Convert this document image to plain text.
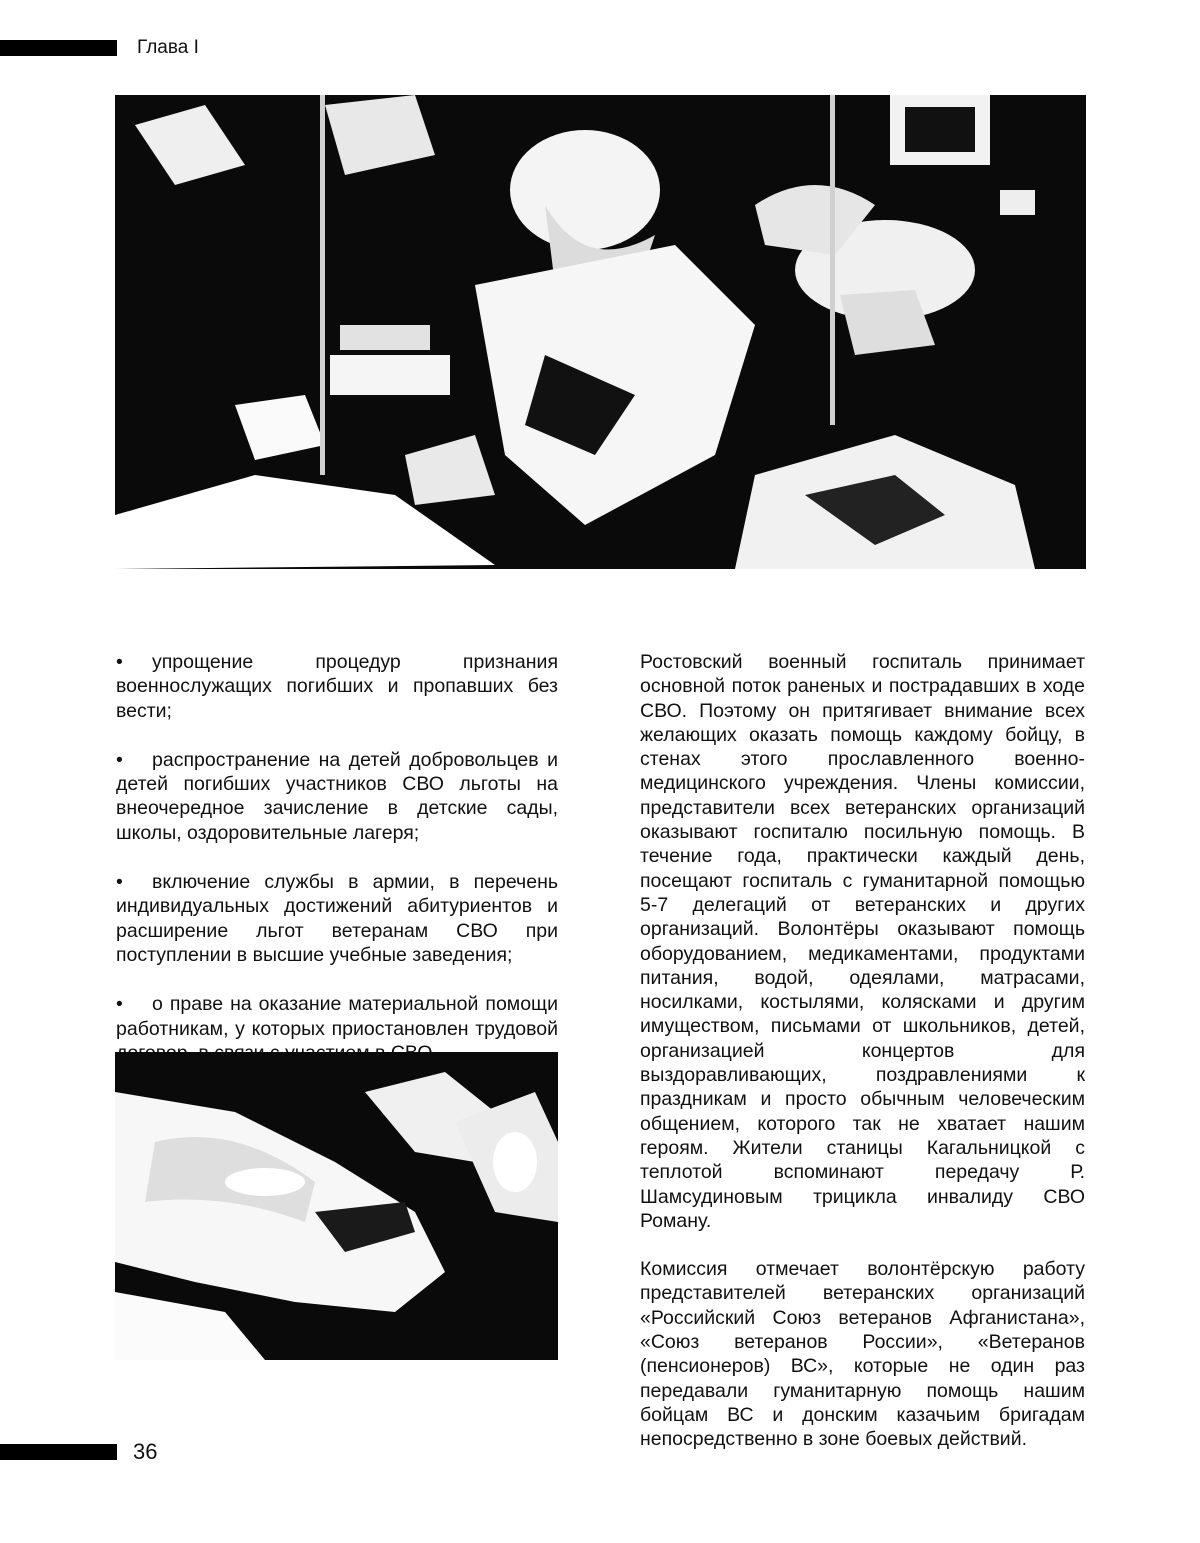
Глава I

• упрощение процедур признания военнослужащих погибших и пропавших без вести;

• распространение на детей добровольцев и детей погибших участников СВО льготы на внеочередное зачисление в детские сады, школы, оздоровительные лагеря;

• включение службы в армии, в перечень индивидуальных достижений абитуриентов и расширение льгот ветеранам СВО при поступлении в высшие учебные заведения;

• о праве на оказание материальной помощи работникам, у которых приостановлен трудовой

Ростовский военный госпиталь принимает основной поток раненых и пострадавших в ходе СВО. Поэтому он притягивает внимание всех желающих оказать помощь каждому бойцу, в стенах этого прославленного военно-медицинского учреждения. Члены комиссии, представители всех ветеранских организаций оказывают госпиталю посильную помощь. В течение года, практически каждый день, посещают госпиталь с гуманитарной помощью 5-7 делегаций от ветеранских и других организаций. Волонтёры оказывают помощь оборудованием, медикаментами, продуктами питания, водой, одеялами, матрасами, носилками, костылями, колясками и другим имуществом, письмами от школьников, детей, организацией концертов для выздоравливающих, поздравлениями к праздникам и просто обычным человеческим общением, которого так не хватает нашим героям. Жители станицы Кагальницкой с теплотой вспоминают передачу Р. Шамсудиновым трицикла инвалиду СВО Роману.

Комиссия отмечает волонтёрскую работу представителей ветеранских организаций «Российский Союз ветеранов Афганистана», «Союз ветеранов России», «Ветеранов (пенсионеров) ВС», которые не один раз передавали гуманитарную помощь нашим бойцам ВС и донским казачьим бригадам непосредственно в зоне боевых действий.

36
